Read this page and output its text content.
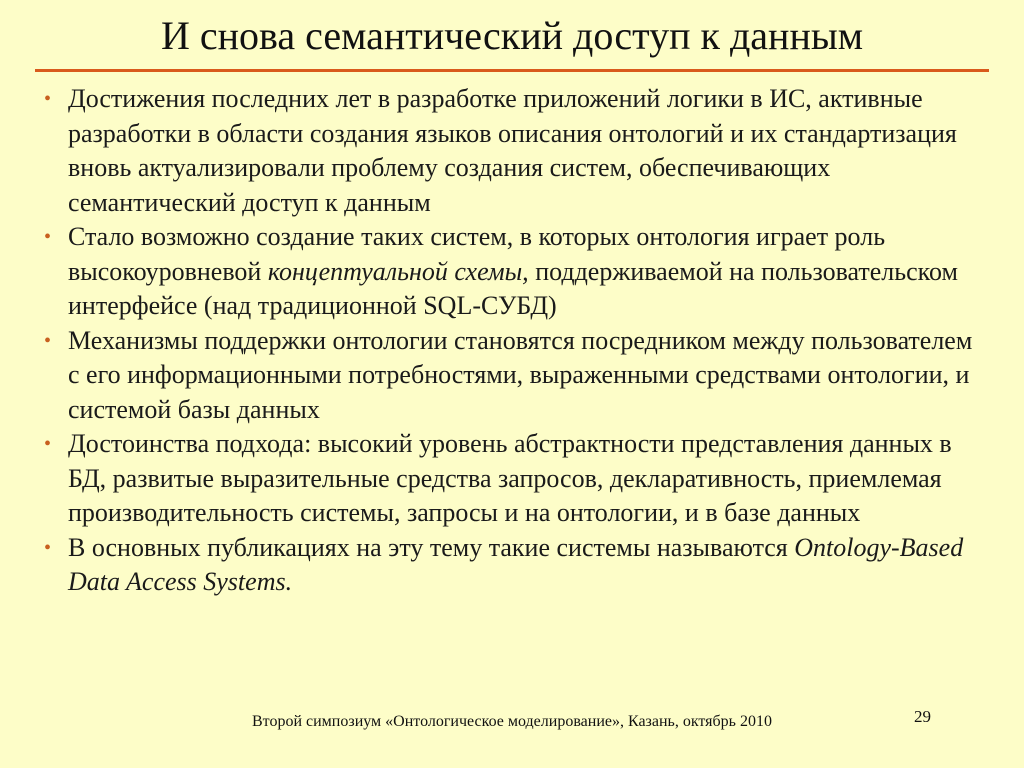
И снова семантический доступ к данным
• Достижения последних лет в разработке приложений логики в ИС, активные разработки в области создания языков описания онтологий и их стандартизация вновь актуализировали проблему создания систем, обеспечивающих семантический доступ к данным
• Стало возможно создание таких систем, в которых онтология играет роль высокоуровневой концептуальной схемы, поддерживаемой на пользовательском интерфейсе (над традиционной SQL-СУБД)
• Механизмы поддержки онтологии становятся посредником между пользователем с его информационными потребностями, выраженными средствами онтологии, и системой базы данных
• Достоинства подхода: высокий уровень абстрактности представления данных в БД, развитые выразительные средства запросов, декларативность, приемлемая производительность системы, запросы и на онтологии, и в базе данных
• В основных публикациях на эту тему такие системы называются Ontology-Based Data Access Systems.
Второй симпозиум «Онтологическое моделирование», Казань, октябрь 2010	29
